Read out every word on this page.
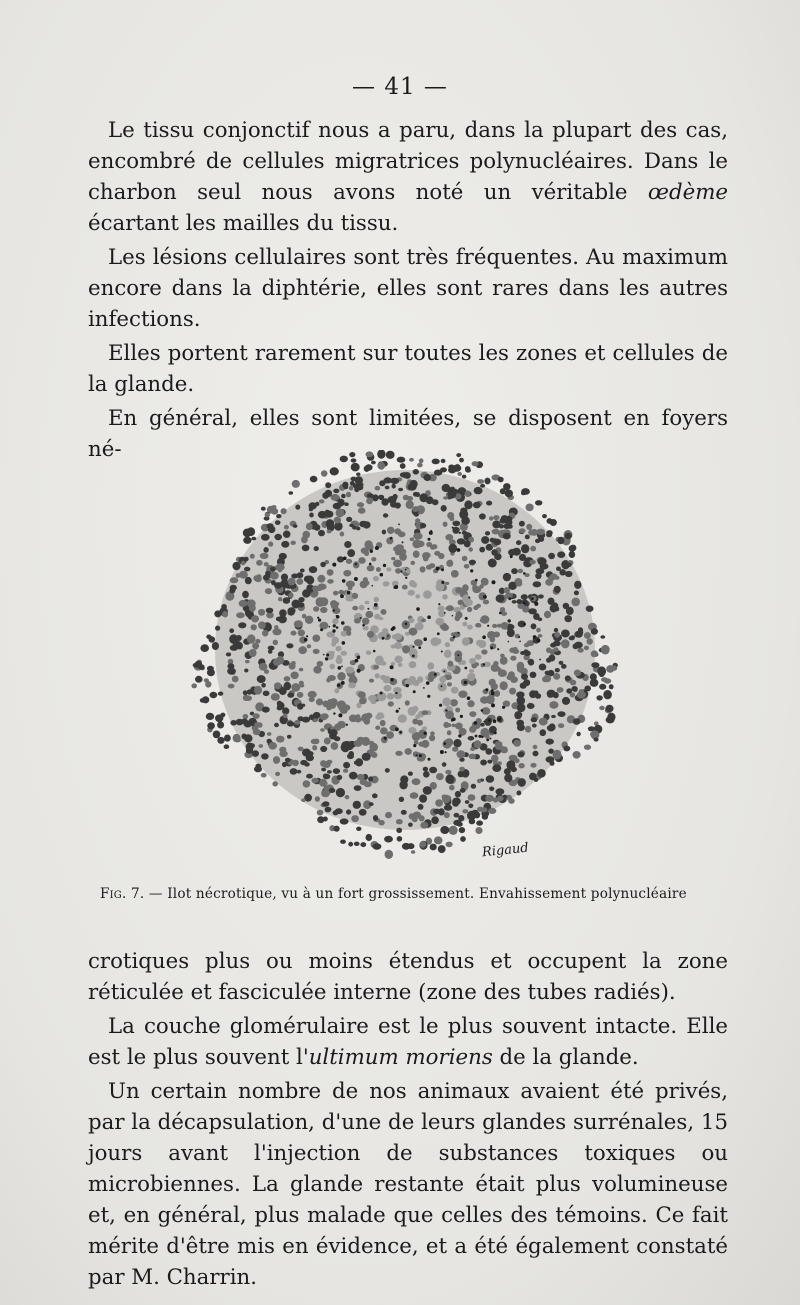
— 41 —

Le tissu conjonctif nous a paru, dans la plupart des cas, encombré de cellules migratrices polynucléaires. Dans le charbon seul nous avons noté un véritable œdème écartant les mailles du tissu.

Les lésions cellulaires sont très fréquentes. Au maximum encore dans la diphtérie, elles sont rares dans les autres infections.

Elles portent rarement sur toutes les zones et cellules de la glande.

En général, elles sont limitées, se disposent en foyers né-

Rigaud
Fig. 7. — Ilot nécrotique, vu à un fort grossissement. Envahissement polynucléaire

crotiques plus ou moins étendus et occupent la zone réticulée et fasciculée interne (zone des tubes radiés).

La couche glomérulaire est le plus souvent intacte. Elle est le plus souvent l'ultimum moriens de la glande.

Un certain nombre de nos animaux avaient été privés, par la décapsulation, d'une de leurs glandes surrénales, 15 jours avant l'injection de substances toxiques ou microbiennes. La glande restante était plus volumineuse et, en général, plus malade que celles des témoins. Ce fait mérite d'être mis en évidence, et a été également constaté par M. Charrin.
